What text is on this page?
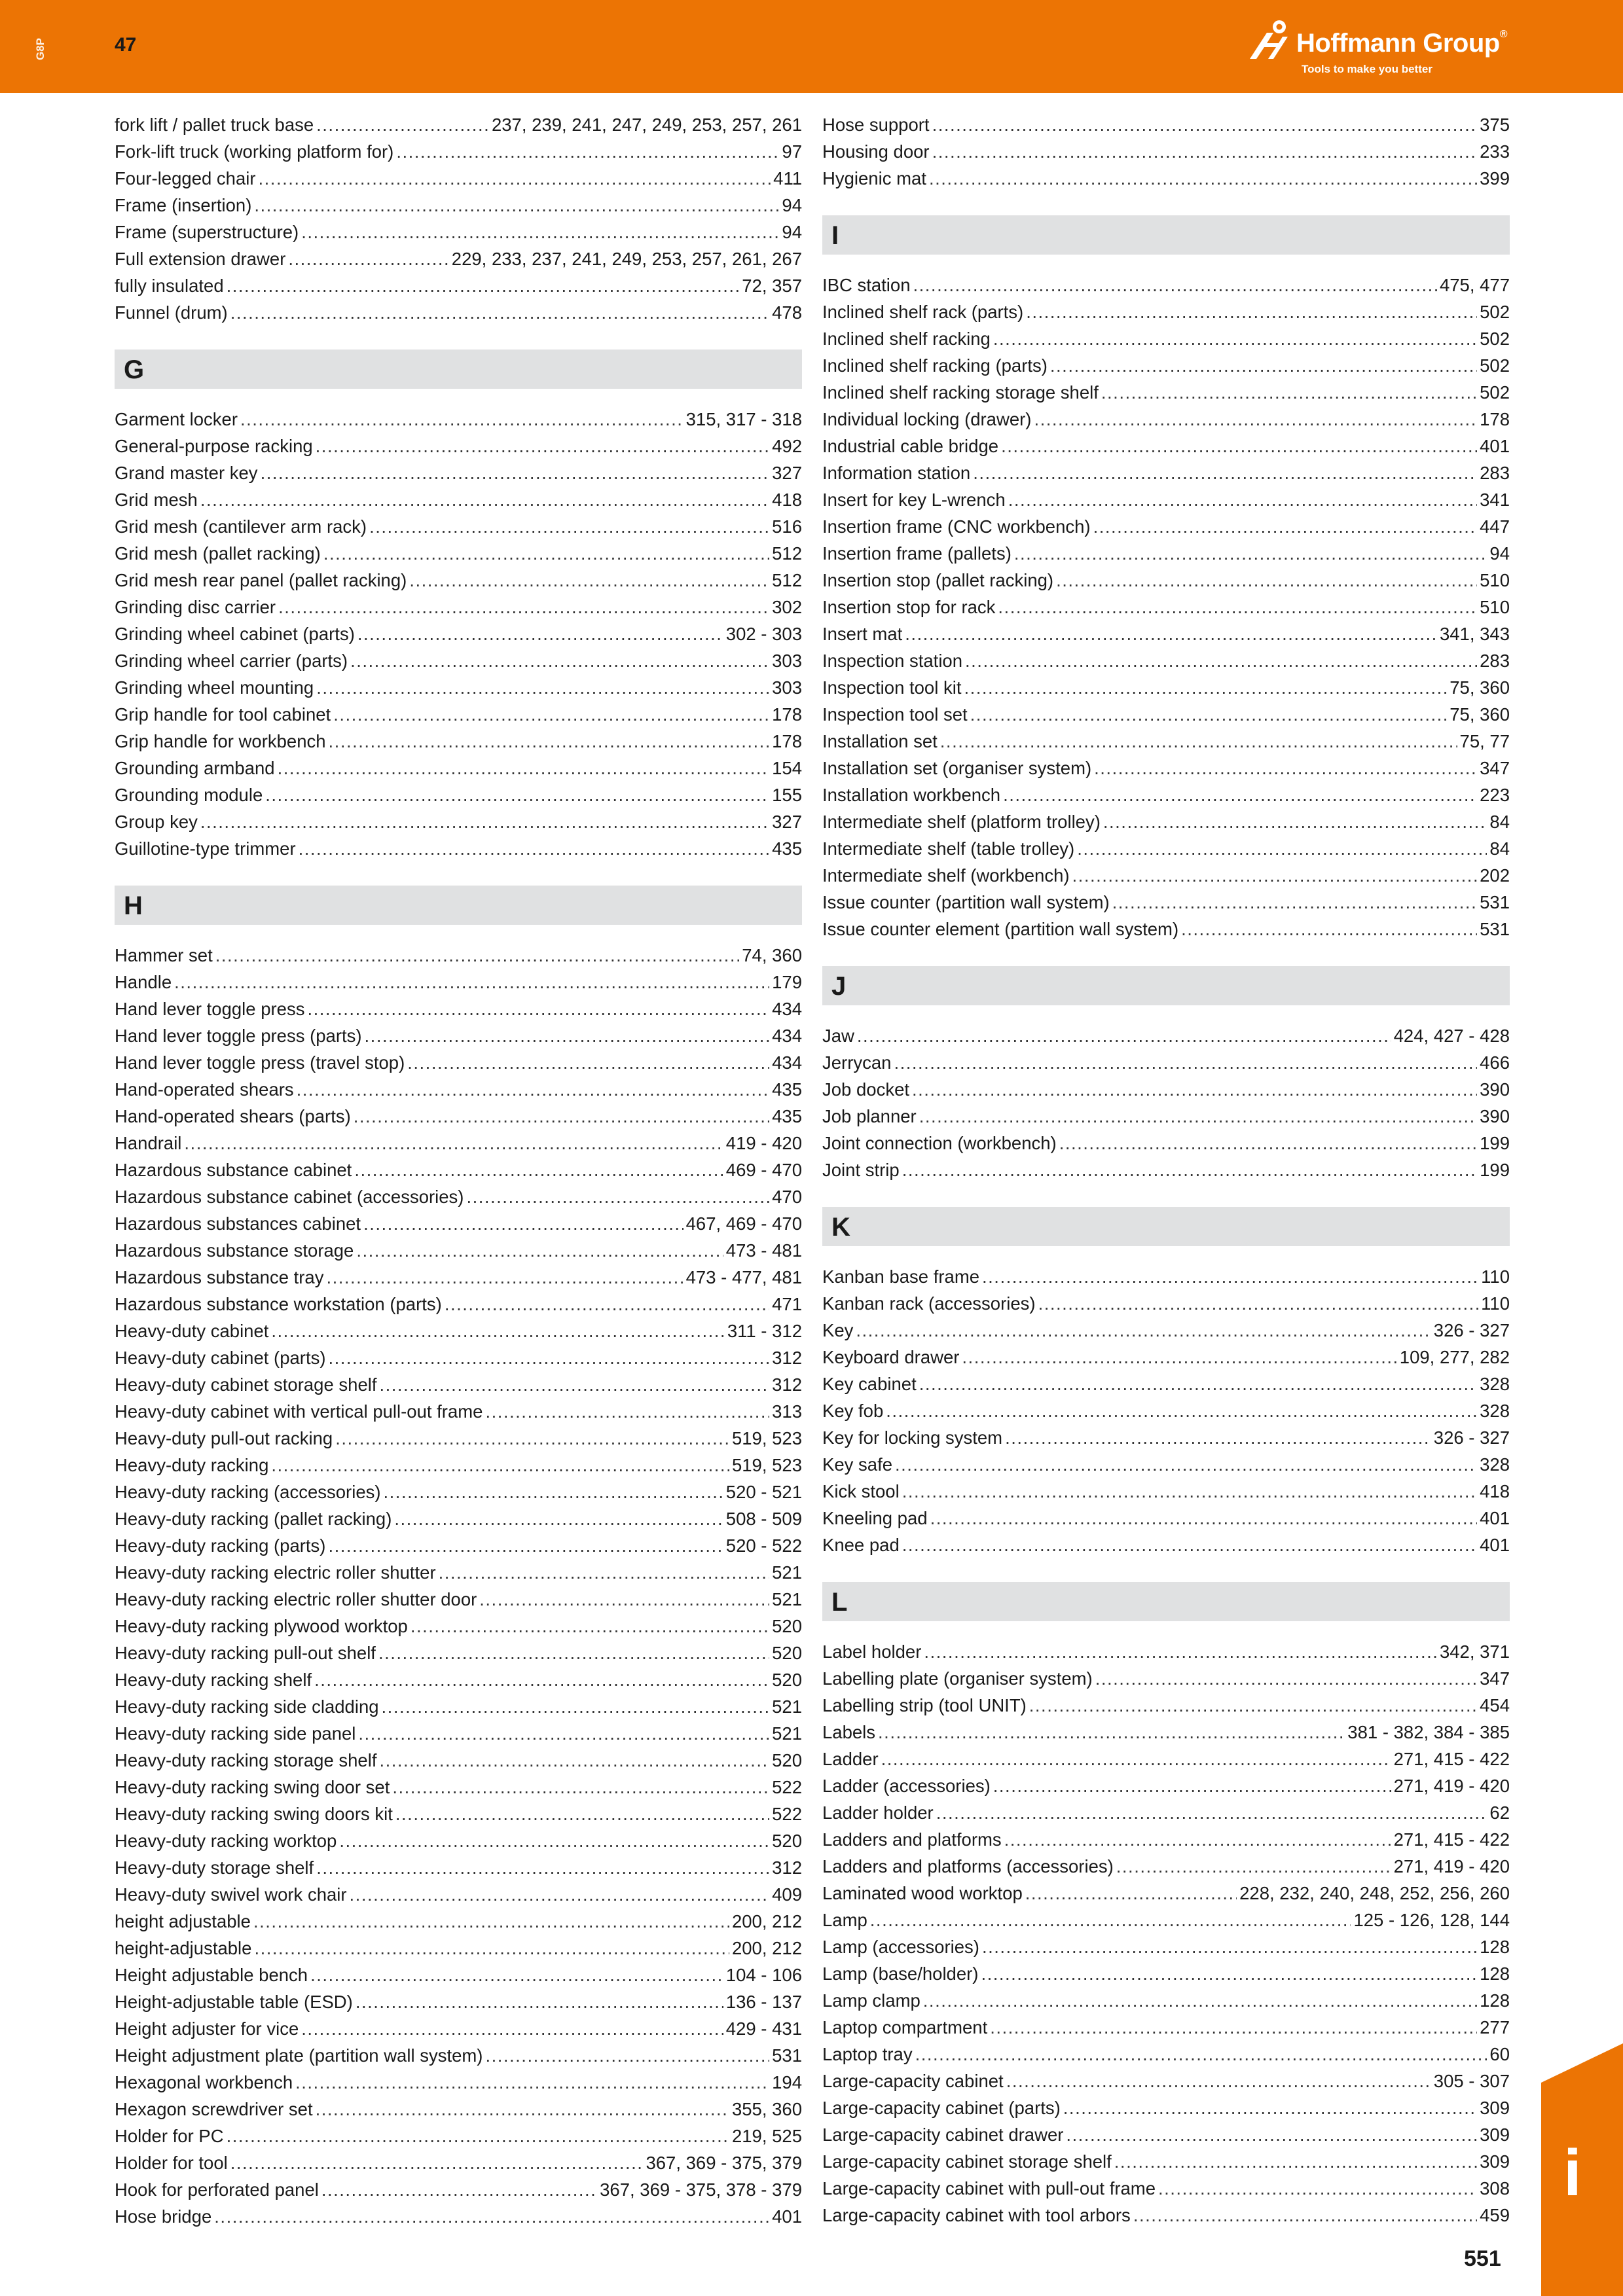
G8P	47	Hoffmann Group®
Tools to make you better
fork lift / pallet truck base .....	237, 239, 241, 247, 249, 253, 257, 261
Fork-lift truck (working platform for) .....	97
Four-legged chair .....	411
Frame (insertion) .....	94
Frame (superstructure) .....	94
Full extension drawer .....	229, 233, 237, 241, 249, 253, 257, 261, 267
fully insulated .....	72, 357
Funnel (drum) .....	478
G
Garment locker .....	315, 317 - 318
General-purpose racking .....	492
Grand master key .....	327
Grid mesh .....	418
Grid mesh (cantilever arm rack) .....	516
Grid mesh (pallet racking) .....	512
Grid mesh rear panel (pallet racking) .....	512
Grinding disc carrier .....	302
Grinding wheel cabinet (parts) .....	302 - 303
Grinding wheel carrier (parts) .....	303
Grinding wheel mounting .....	303
Grip handle for tool cabinet .....	178
Grip handle for workbench .....	178
Grounding armband .....	154
Grounding module .....	155
Group key .....	327
Guillotine-type trimmer .....	435
H
Hammer set .....	74, 360
Handle .....	179
Hand lever toggle press .....	434
Hand lever toggle press (parts) .....	434
Hand lever toggle press (travel stop) .....	434
Hand-operated shears .....	435
Hand-operated shears (parts) .....	435
Handrail .....	419 - 420
Hazardous substance cabinet .....	469 - 470
Hazardous substance cabinet (accessories) .....	470
Hazardous substances cabinet .....	467, 469 - 470
Hazardous substance storage .....	473 - 481
Hazardous substance tray .....	473 - 477, 481
Hazardous substance workstation (parts) .....	471
Heavy-duty cabinet .....	311 - 312
Heavy-duty cabinet (parts) .....	312
Heavy-duty cabinet storage shelf .....	312
Heavy-duty cabinet with vertical pull-out frame .....	313
Heavy-duty pull-out racking .....	519, 523
Heavy-duty racking .....	519, 523
Heavy-duty racking (accessories) .....	520 - 521
Heavy-duty racking (pallet racking) .....	508 - 509
Heavy-duty racking (parts) .....	520 - 522
Heavy-duty racking electric roller shutter .....	521
Heavy-duty racking electric roller shutter door .....	521
Heavy-duty racking plywood worktop .....	520
Heavy-duty racking pull-out shelf .....	520
Heavy-duty racking shelf .....	520
Heavy-duty racking side cladding .....	521
Heavy-duty racking side panel .....	521
Heavy-duty racking storage shelf .....	520
Heavy-duty racking swing door set .....	522
Heavy-duty racking swing doors kit .....	522
Heavy-duty racking worktop .....	520
Heavy-duty storage shelf .....	312
Heavy-duty swivel work chair .....	409
height adjustable .....	200, 212
height-adjustable .....	200, 212
Height adjustable bench .....	104 - 106
Height-adjustable table (ESD) .....	136 - 137
Height adjuster for vice .....	429 - 431
Height adjustment plate (partition wall system) .....	531
Hexagonal workbench .....	194
Hexagon screwdriver set .....	355, 360
Holder for PC .....	219, 525
Holder for tool .....	367, 369 - 375, 379
Hook for perforated panel .....	367, 369 - 375, 378 - 379
Hose bridge .....	401
Hose support .....	375
Housing door .....	233
Hygienic mat .....	399
I
IBC station .....	475, 477
Inclined shelf rack (parts) .....	502
Inclined shelf racking .....	502
Inclined shelf racking (parts) .....	502
Inclined shelf racking storage shelf .....	502
Individual locking (drawer) .....	178
Industrial cable bridge .....	401
Information station .....	283
Insert for key L-wrench .....	341
Insertion frame (CNC workbench) .....	447
Insertion frame (pallets) .....	94
Insertion stop (pallet racking) .....	510
Insertion stop for rack .....	510
Insert mat .....	341, 343
Inspection station .....	283
Inspection tool kit .....	75, 360
Inspection tool set .....	75, 360
Installation set .....	75, 77
Installation set (organiser system) .....	347
Installation workbench .....	223
Intermediate shelf (platform trolley) .....	84
Intermediate shelf (table trolley) .....	84
Intermediate shelf (workbench) .....	202
Issue counter (partition wall system) .....	531
Issue counter element (partition wall system) .....	531
J
Jaw .....	424, 427 - 428
Jerrycan .....	466
Job docket .....	390
Job planner .....	390
Joint connection (workbench) .....	199
Joint strip .....	199
K
Kanban base frame .....	110
Kanban rack (accessories) .....	110
Key .....	326 - 327
Keyboard drawer .....	109, 277, 282
Key cabinet .....	328
Key fob .....	328
Key for locking system .....	326 - 327
Key safe .....	328
Kick stool .....	418
Kneeling pad .....	401
Knee pad .....	401
L
Label holder .....	342, 371
Labelling plate (organiser system) .....	347
Labelling strip (tool UNIT) .....	454
Labels .....	381 - 382, 384 - 385
Ladder .....	271, 415 - 422
Ladder (accessories) .....	271, 419 - 420
Ladder holder .....	62
Ladders and platforms .....	271, 415 - 422
Ladders and platforms (accessories) .....	271, 419 - 420
Laminated wood worktop .....	228, 232, 240, 248, 252, 256, 260
Lamp .....	125 - 126, 128, 144
Lamp (accessories) .....	128
Lamp (base/holder) .....	128
Lamp clamp .....	128
Laptop compartment .....	277
Laptop tray .....	60
Large-capacity cabinet .....	305 - 307
Large-capacity cabinet (parts) .....	309
Large-capacity cabinet drawer .....	309
Large-capacity cabinet storage shelf .....	309
Large-capacity cabinet with pull-out frame .....	308
Large-capacity cabinet with tool arbors .....	459
i
551
